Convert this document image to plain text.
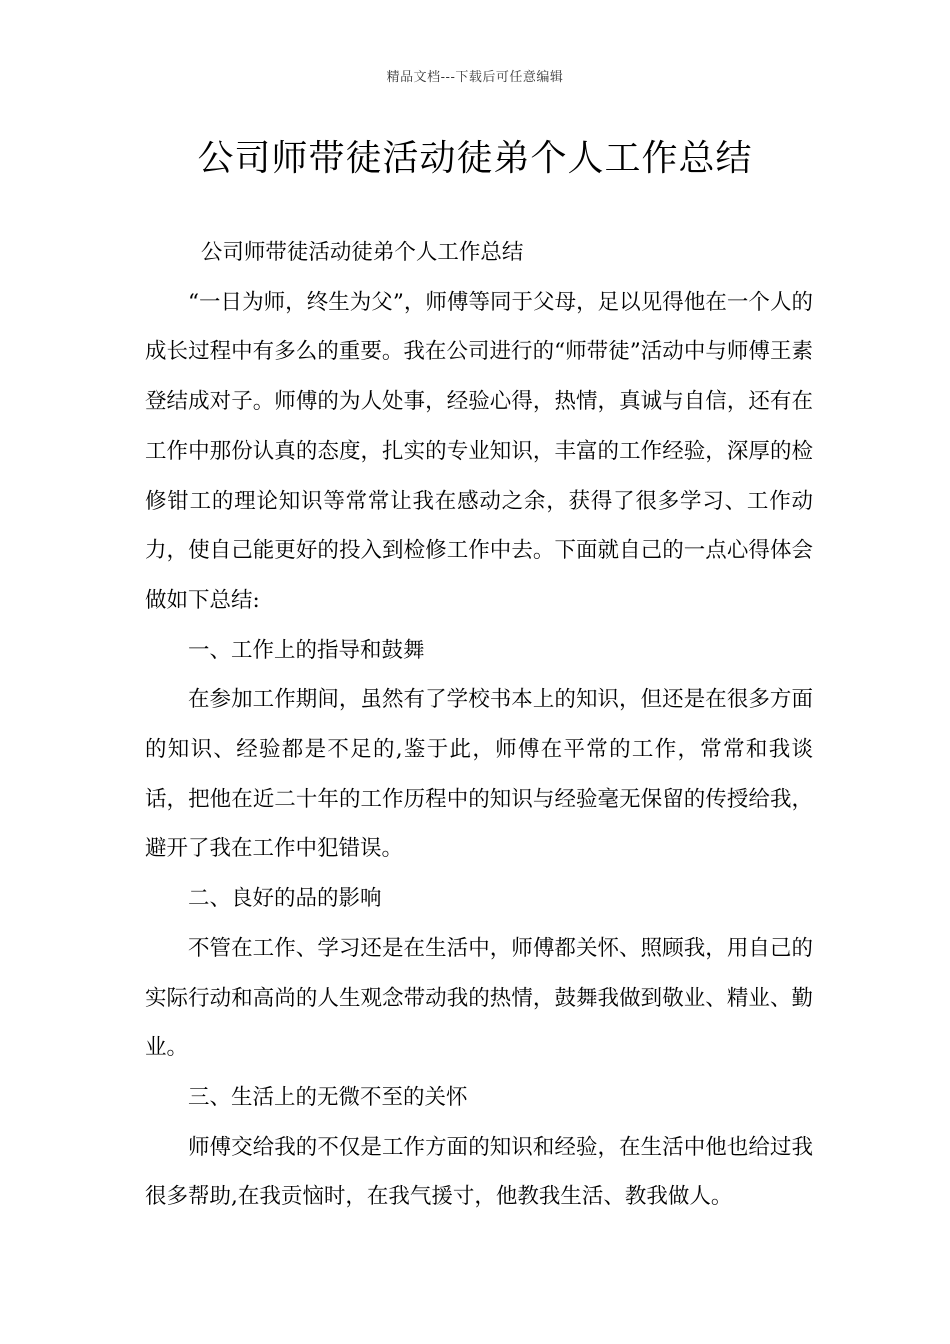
精品文档---下载后可任意编辑
公司师带徒活动徒弟个人工作总结

公司师带徒活动徒弟个人工作总结

“一日为师，终生为父”，师傅等同于父母，足以见得他在一个人的成长过程中有多么的重要。我在公司进行的“师带徒”活动中与师傅王素登结成对子。师傅的为人处事，经验心得，热情，真诚与自信，还有在工作中那份认真的态度，扎实的专业知识，丰富的工作经验，深厚的检修钳工的理论知识等常常让我在感动之余，获得了很多学习、工作动力，使自己能更好的投入到检修工作中去。下面就自己的一点心得体会做如下总结:

一、工作上的指导和鼓舞

在参加工作期间，虽然有了学校书本上的知识，但还是在很多方面的知识、经验都是不足的,鉴于此，师傅在平常的工作，常常和我谈话，把他在近二十年的工作历程中的知识与经验毫无保留的传授给我，避开了我在工作中犯错误。

二、良好的品的影响

不管在工作、学习还是在生活中，师傅都关怀、照顾我，用自己的实际行动和高尚的人生观念带动我的热情，鼓舞我做到敬业、精业、勤业。

三、生活上的无微不至的关怀

师傅交给我的不仅是工作方面的知识和经验，在生活中他也给过我很多帮助,在我贡恼时，在我气援寸，他教我生活、教我做人。
